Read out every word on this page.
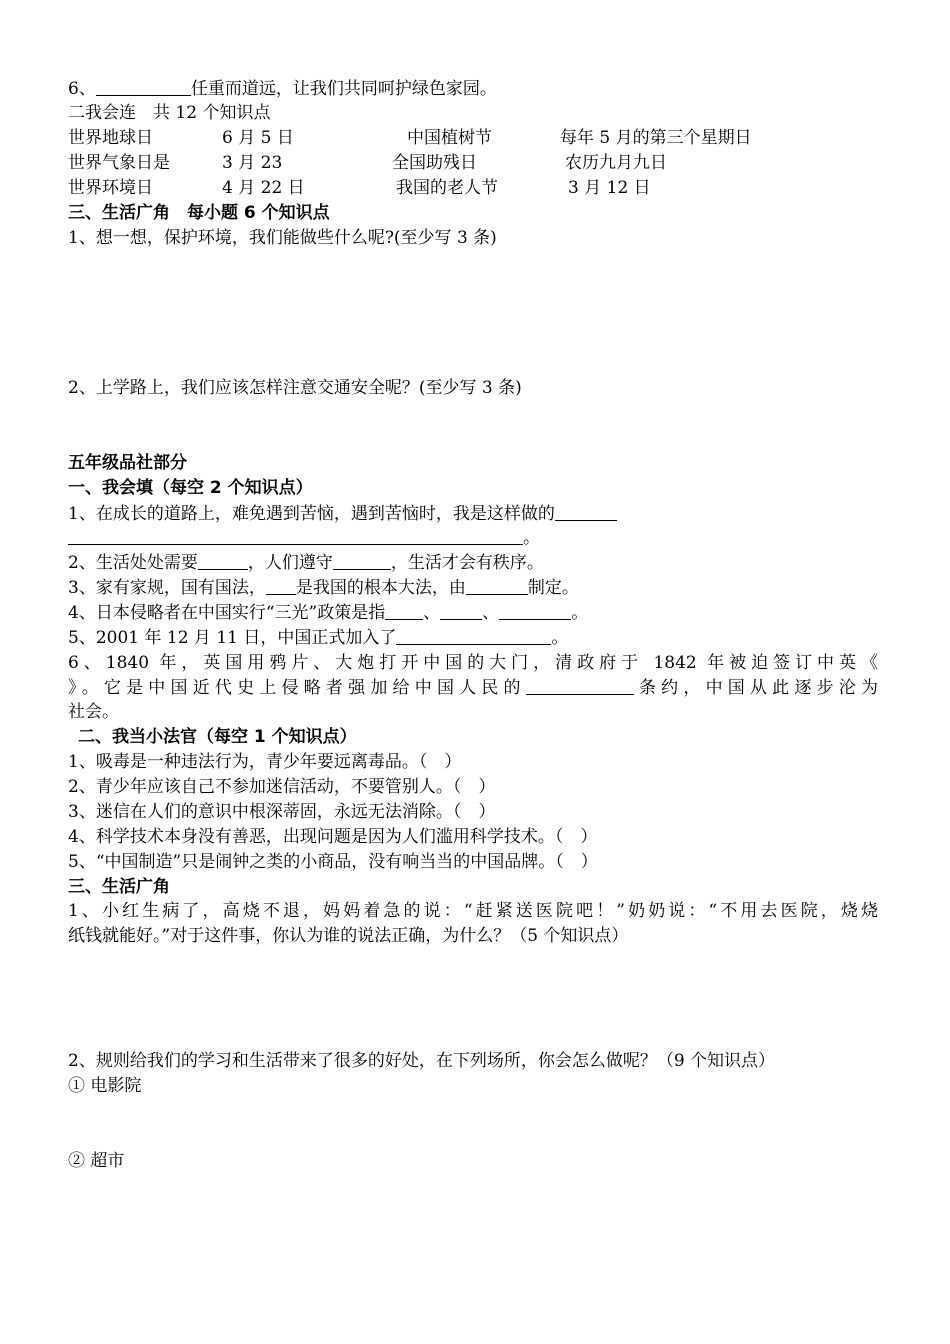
6、	任重而道远，让我们共同呵护绿色家园。
二我会连　共 12 个知识点
世界地球日	6 月 5 日	中国植树节	每年 5 月的第三个星期日
世界气象日是	3 月 23	全国助残日	农历九月九日
世界环境日	4 月 22 日	我国的老人节	3 月 12 日
三、生活广角　每小题 6 个知识点
1、想一想，保护环境，我们能做些什么呢?(至少写 3 条)
2、上学路上，我们应该怎样注意交通安全呢？(至少写 3 条)
五年级品社部分
一、我会填（每空 2 个知识点）
1、在成长的道路上，难免遇到苦恼，遇到苦恼时，我是这样做的
。
2、生活处处需要	，人们遵守	，生活才会有秩序。
3、家有家规，国有国法， 是我国的根本大法，由	制定。
4、日本侵略者在中国实行“三光”政策是指 、 、	。
5、2001 年 12 月 11 日，中国正式加入了	。
6、1840 年，英国用鸦片、大炮打开中国的大门，清政府于 1842 年被迫签订中英《
》。它是中国近代史上侵略者强加给中国人民的	条约，中国从此逐步沦为
社会。
二、我当小法官（每空 1 个知识点）
1、吸毒是一种违法行为，青少年要远离毒品。（　）
2、青少年应该自己不参加迷信活动，不要管别人。（　）
3、迷信在人们的意识中根深蒂固，永远无法消除。（　）
4、科学技术本身没有善恶，出现问题是因为人们滥用科学技术。（　）
5、“中国制造”只是闹钟之类的小商品，没有响当当的中国品牌。（　）
三、生活广角
1、小红生病了，高烧不退，妈妈着急的说：“赶紧送医院吧！”奶奶说：“不用去医院，烧烧
纸钱就能好。”对于这件事，你认为谁的说法正确，为什么？（5 个知识点）
2、规则给我们的学习和生活带来了很多的好处，在下列场所，你会怎么做呢？（9 个知识点）
① 电影院
② 超市
